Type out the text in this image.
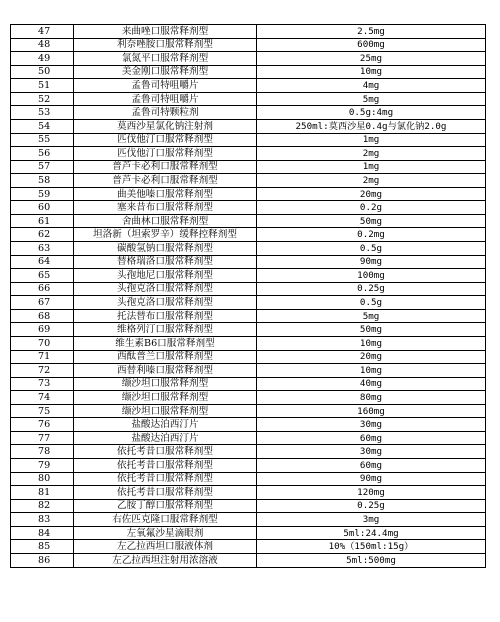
47	来曲唑口服常释剂型	2.5mg
48	利奈唑胺口服常释剂型	600mg
49	氯氮平口服常释剂型	25mg
50	美金刚口服常释剂型	10mg
51	孟鲁司特咀嚼片	4mg
52	孟鲁司特咀嚼片	5mg
53	孟鲁司特颗粒剂	0.5g:4mg
54	莫西沙星氯化钠注射剂	250ml:莫西沙星0.4g与氯化钠2.0g
55	匹伐他汀口服常释剂型	1mg
56	匹伐他汀口服常释剂型	2mg
57	普芦卡必利口服常释剂型	1mg
58	普芦卡必利口服常释剂型	2mg
59	曲美他嗪口服常释剂型	20mg
60	塞来昔布口服常释剂型	0.2g
61	舍曲林口服常释剂型	50mg
62	坦洛新（坦索罗辛）缓释控释剂型	0.2mg
63	碳酸氢钠口服常释剂型	0.5g
64	替格瑞洛口服常释剂型	90mg
65	头孢地尼口服常释剂型	100mg
66	头孢克洛口服常释剂型	0.25g
67	头孢克洛口服常释剂型	0.5g
68	托法替布口服常释剂型	5mg
69	维格列汀口服常释剂型	50mg
70	维生素B6口服常释剂型	10mg
71	西酞普兰口服常释剂型	20mg
72	西替利嗪口服常释剂型	10mg
73	缬沙坦口服常释剂型	40mg
74	缬沙坦口服常释剂型	80mg
75	缬沙坦口服常释剂型	160mg
76	盐酸达泊西汀片	30mg
77	盐酸达泊西汀片	60mg
78	依托考昔口服常释剂型	30mg
79	依托考昔口服常释剂型	60mg
80	依托考昔口服常释剂型	90mg
81	依托考昔口服常释剂型	120mg
82	乙胺丁醇口服常释剂型	0.25g
83	右佐匹克隆口服常释剂型	3mg
84	左氧氟沙星滴眼剂	5ml:24.4mg
85	左乙拉西坦口服液体剂	10%（150ml:15g）
86	左乙拉西坦注射用浓溶液	5ml:500mg
